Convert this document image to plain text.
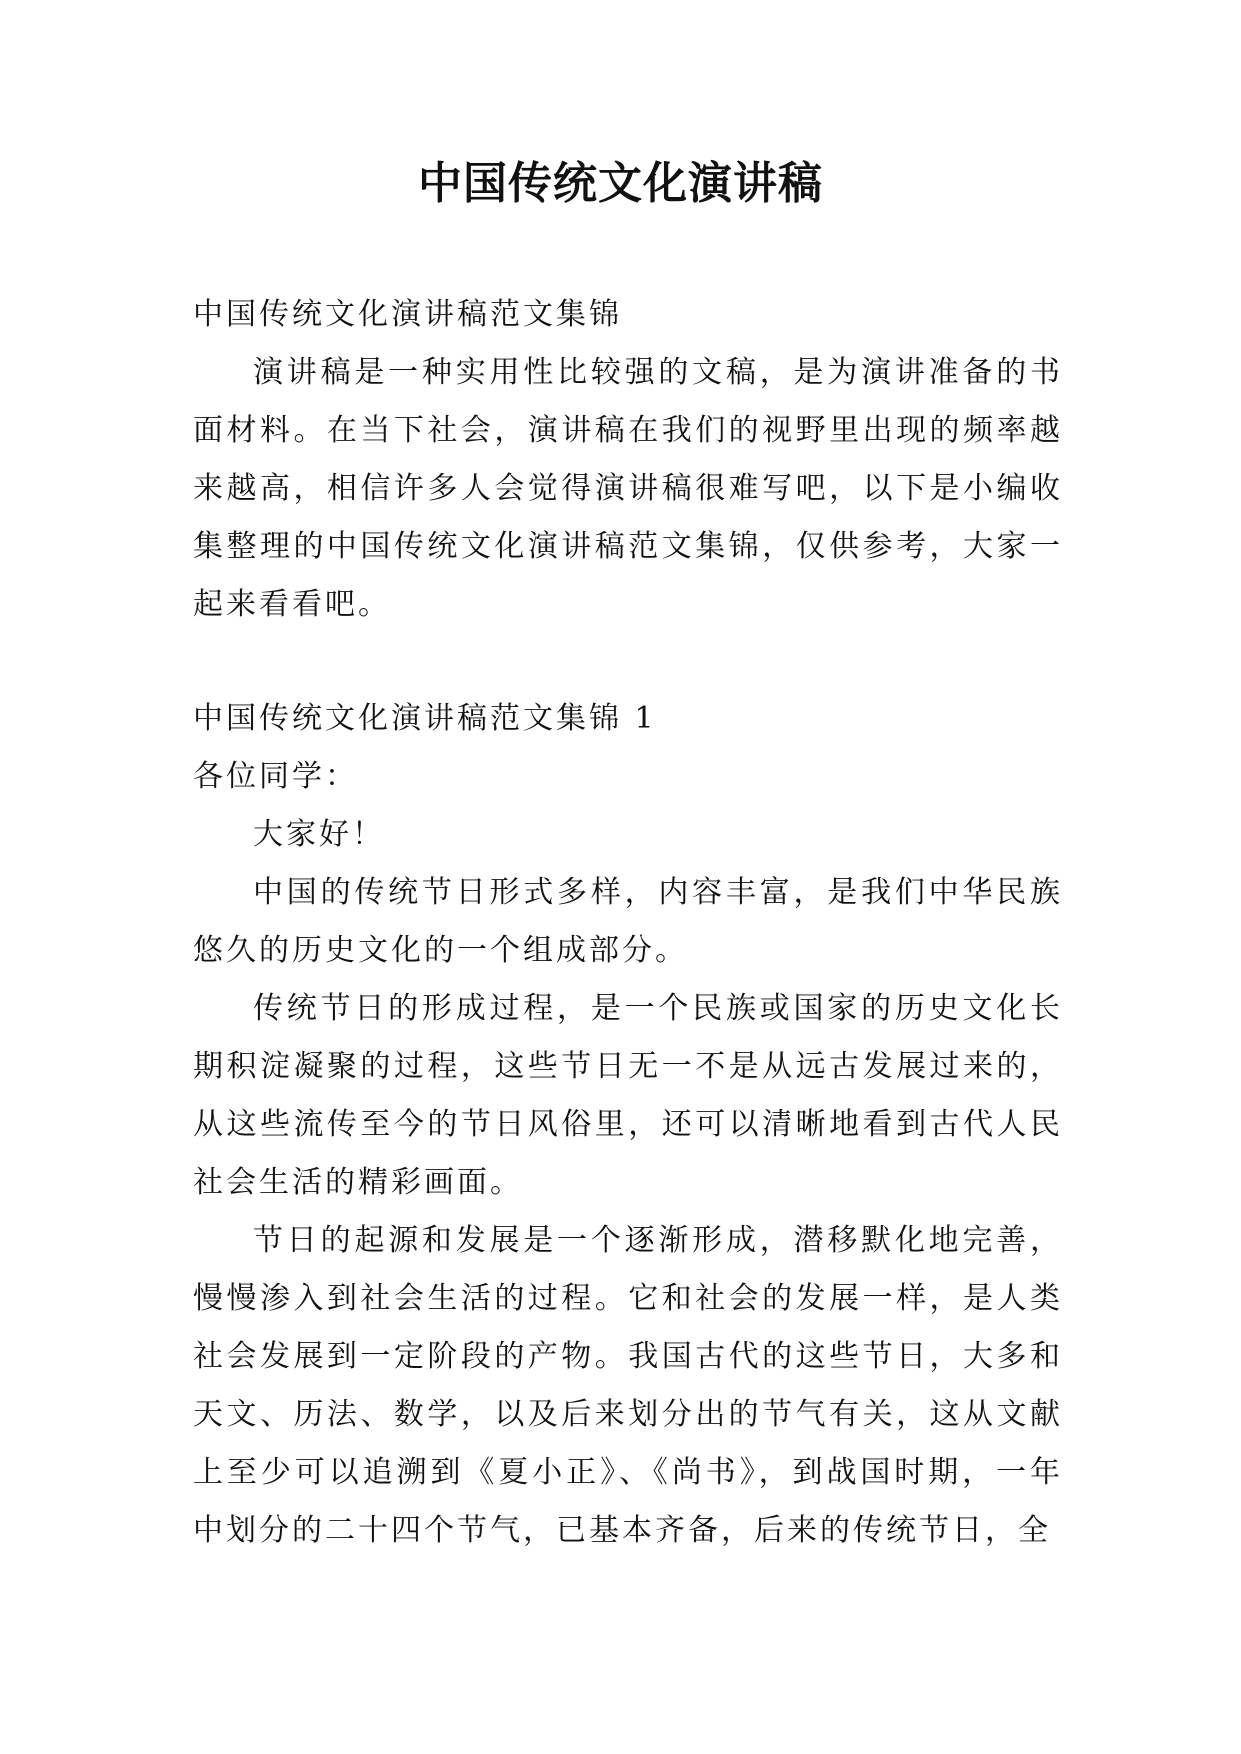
中国传统文化演讲稿

中国传统文化演讲稿范文集锦

演讲稿是一种实用性比较强的文稿，是为演讲准备的书面材料。在当下社会，演讲稿在我们的视野里出现的频率越来越高，相信许多人会觉得演讲稿很难写吧，以下是小编收集整理的中国传统文化演讲稿范文集锦，仅供参考，大家一起来看看吧。

中国传统文化演讲稿范文集锦 1

各位同学：

大家好！

中国的传统节日形式多样，内容丰富，是我们中华民族悠久的历史文化的一个组成部分。

传统节日的形成过程，是一个民族或国家的历史文化长期积淀凝聚的过程，这些节日无一不是从远古发展过来的，从这些流传至今的节日风俗里，还可以清晰地看到古代人民社会生活的精彩画面。

节日的起源和发展是一个逐渐形成，潜移默化地完善，慢慢渗入到社会生活的过程。它和社会的发展一样，是人类社会发展到一定阶段的产物。我国古代的这些节日，大多和天文、历法、数学，以及后来划分出的节气有关，这从文献上至少可以追溯到《夏小正》、《尚书》，到战国时期，一年中划分的二十四个节气，已基本齐备，后来的传统节日，全
